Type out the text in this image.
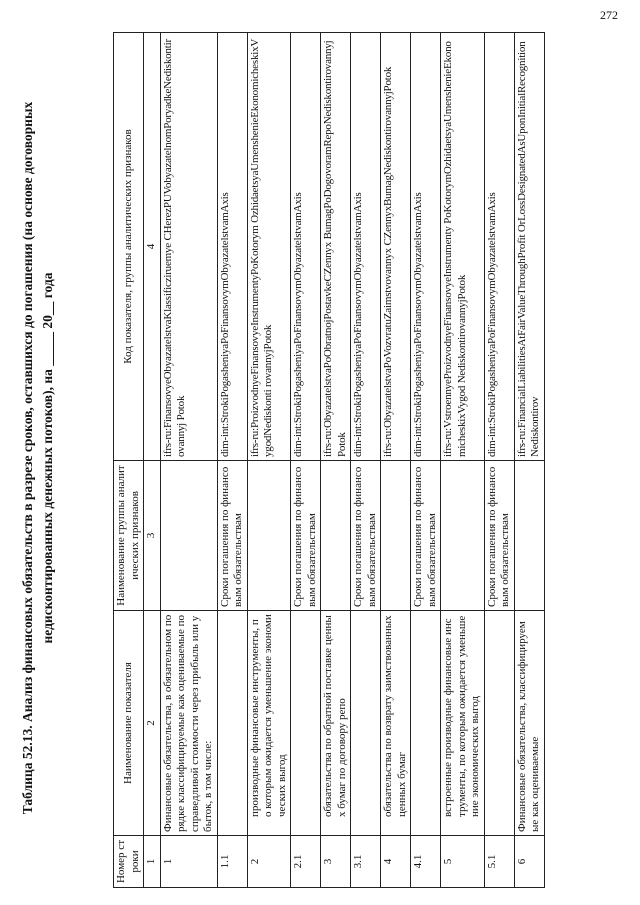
272
Таблица 52.13. Анализ финансовых обязательств в разрезе сроков, оставшихся до погашения (на основе договорных недисконтированных денежных потоков), на _____ 20__ года
Номер строки	Наименование показателя	Наименование группы аналитических признаков	Код показателя, группы аналитических признаков
1	2	3	4
1	Финансовые обязательства, в обязательном порядке классифицируемые как оцениваемые по справедливой стоимости через прибыль или убыток, в том числе:		ifrs-ru:FinansovyeObyazatelstvaKlassificziruemye CHerezPUVobyazatelnomPoryadkeNediskontirovannyj Potok
1.1		Сроки погашения по финансовым обязательствам	dim-int:StrokiPogasheniyaPoFinansovymObyazatelstvamAxis
2	производные финансовые инструменты, по которым ожидается уменьшение экономических выгод		ifrs-ru:ProizvodnyeFinansovyeInstrumentyPoKotorym OzhidaetsyaUmenshenieEkonomicheskixVygodNediskonti rovannyjPotok
2.1		Сроки погашения по финансовым обязательствам	dim-int:StrokiPogasheniyaPoFinansovymObyazatelstvamAxis
3	обязательства по обратной поставке ценных бумаг по договору репо		ifrs-ru:ObyazatelstvaPoObratnojPostavkeCZennyx BumagPoDogovoramRepoNediskontirovannyjPotok
3.1		Сроки погашения по финансовым обязательствам	dim-int:StrokiPogasheniyaPoFinansovymObyazatelstvamAxis
4	обязательства по возврату заимствованных ценных бумаг		ifrs-ru:ObyazatelstvaPoVozvratuZaimstvovannyx CZennyxBumagNediskontirovannyjPotok
4.1		Сроки погашения по финансовым обязательствам	dim-int:StrokiPogasheniyaPoFinansovymObyazatelstvamAxis
5	встроенные производные финансовые инструменты, по которым ожидается уменьшение экономических выгод		ifrs-ru:VstroennyeProizvodnyeFinansovyeInstrumenty PoKotorymOzhidaetsyaUmenshenieEkonomicheskixVygod NediskontirovannyjPotok
5.1		Сроки погашения по финансовым обязательствам	dim-int:StrokiPogasheniyaPoFinansovymObyazatelstvamAxis
6	Финансовые обязательства, классифицируемые как оцениваемые		ifrs-ru:FinancialLiabilitiesAtFairValueThroughProfit OrLossDesignatedAsUponInitialRecognitionNediskontirov
